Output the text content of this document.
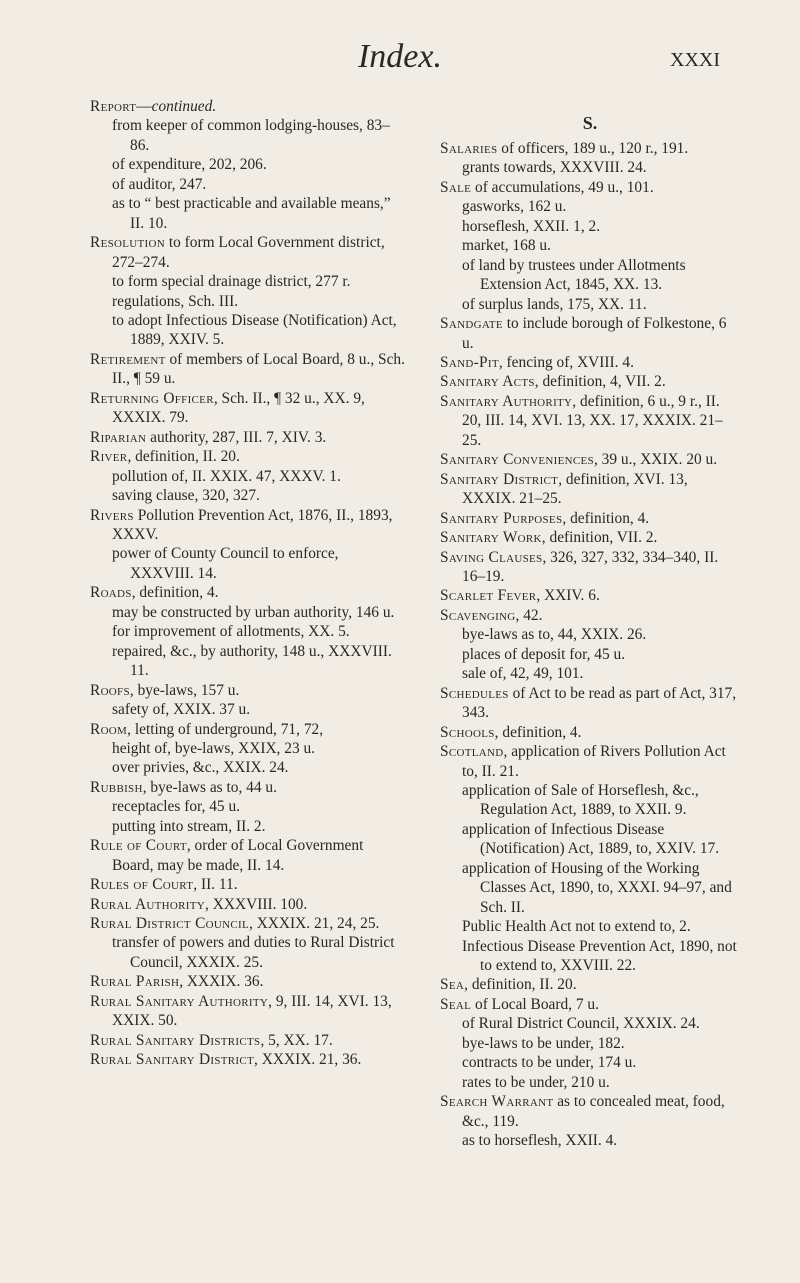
Index.	xxxi
Report—continued.
from keeper of common lodging-houses, 83–86.
of expenditure, 202, 206.
of auditor, 247.
as to “ best practicable and available means,” II. 10.
Resolution to form Local Government district, 272–274.
to form special drainage district, 277 r.
regulations, Sch. III.
to adopt Infectious Disease (Notification) Act, 1889, XXIV. 5.
Retirement of members of Local Board, 8 u., Sch. II., ¶ 59 u.
Returning Officer, Sch. II., ¶ 32 u., XX. 9, XXXIX. 79.
Riparian authority, 287, III. 7, XIV. 3.
River, definition, II. 20.
pollution of, II. XXIX. 47, XXXV. 1.
saving clause, 320, 327.
Rivers Pollution Prevention Act, 1876, II., 1893, XXXV.
power of County Council to enforce, XXXVIII. 14.
Roads, definition, 4.
may be constructed by urban authority, 146 u.
for improvement of allotments, XX. 5.
repaired, &c., by authority, 148 u., XXXVIII. 11.
Roofs, bye-laws, 157 u.
safety of, XXIX. 37 u.
Room, letting of underground, 71, 72,
height of, bye-laws, XXIX, 23 u.
over privies, &c., XXIX. 24.
Rubbish, bye-laws as to, 44 u.
receptacles for, 45 u.
putting into stream, II. 2.
Rule of Court, order of Local Government Board, may be made, II. 14.
Rules of Court, II. 11.
Rural Authority, XXXVIII. 100.
Rural District Council, XXXIX. 21, 24, 25.
transfer of powers and duties to Rural District Council, XXXIX. 25.
Rural Parish, XXXIX. 36.
Rural Sanitary Authority, 9, III. 14, XVI. 13, XXIX. 50.
Rural Sanitary Districts, 5, XX. 17.
Rural Sanitary District, XXXIX. 21, 36.
S.
Salaries of officers, 189 u., 120 r., 191.
grants towards, XXXVIII. 24.
Sale of accumulations, 49 u., 101.
gasworks, 162 u.
horseflesh, XXII. 1, 2.
market, 168 u.
of land by trustees under Allotments Extension Act, 1845, XX. 13.
of surplus lands, 175, XX. 11.
Sandgate to include borough of Folkestone, 6 u.
Sand-Pit, fencing of, XVIII. 4.
Sanitary Acts, definition, 4, VII. 2.
Sanitary Authority, definition, 6 u., 9 r., II. 20, III. 14, XVI. 13, XX. 17, XXXIX. 21–25.
Sanitary Conveniences, 39 u., XXIX. 20 u.
Sanitary District, definition, XVI. 13, XXXIX. 21–25.
Sanitary Purposes, definition, 4.
Sanitary Work, definition, VII. 2.
Saving Clauses, 326, 327, 332, 334–340, II. 16–19.
Scarlet Fever, XXIV. 6.
Scavenging, 42.
bye-laws as to, 44, XXIX. 26.
places of deposit for, 45 u.
sale of, 42, 49, 101.
Schedules of Act to be read as part of Act, 317, 343.
Schools, definition, 4.
Scotland, application of Rivers Pollution Act to, II. 21.
application of Sale of Horseflesh, &c., Regulation Act, 1889, to XXII. 9.
application of Infectious Disease (Notification) Act, 1889, to, XXIV. 17.
application of Housing of the Working Classes Act, 1890, to, XXXI. 94–97, and Sch. II.
Public Health Act not to extend to, 2.
Infectious Disease Prevention Act, 1890, not to extend to, XXVIII. 22.
Sea, definition, II. 20.
Seal of Local Board, 7 u.
of Rural District Council, XXXIX. 24.
bye-laws to be under, 182.
contracts to be under, 174 u.
rates to be under, 210 u.
Search Warrant as to concealed meat, food, &c., 119.
as to horseflesh, XXII. 4.
